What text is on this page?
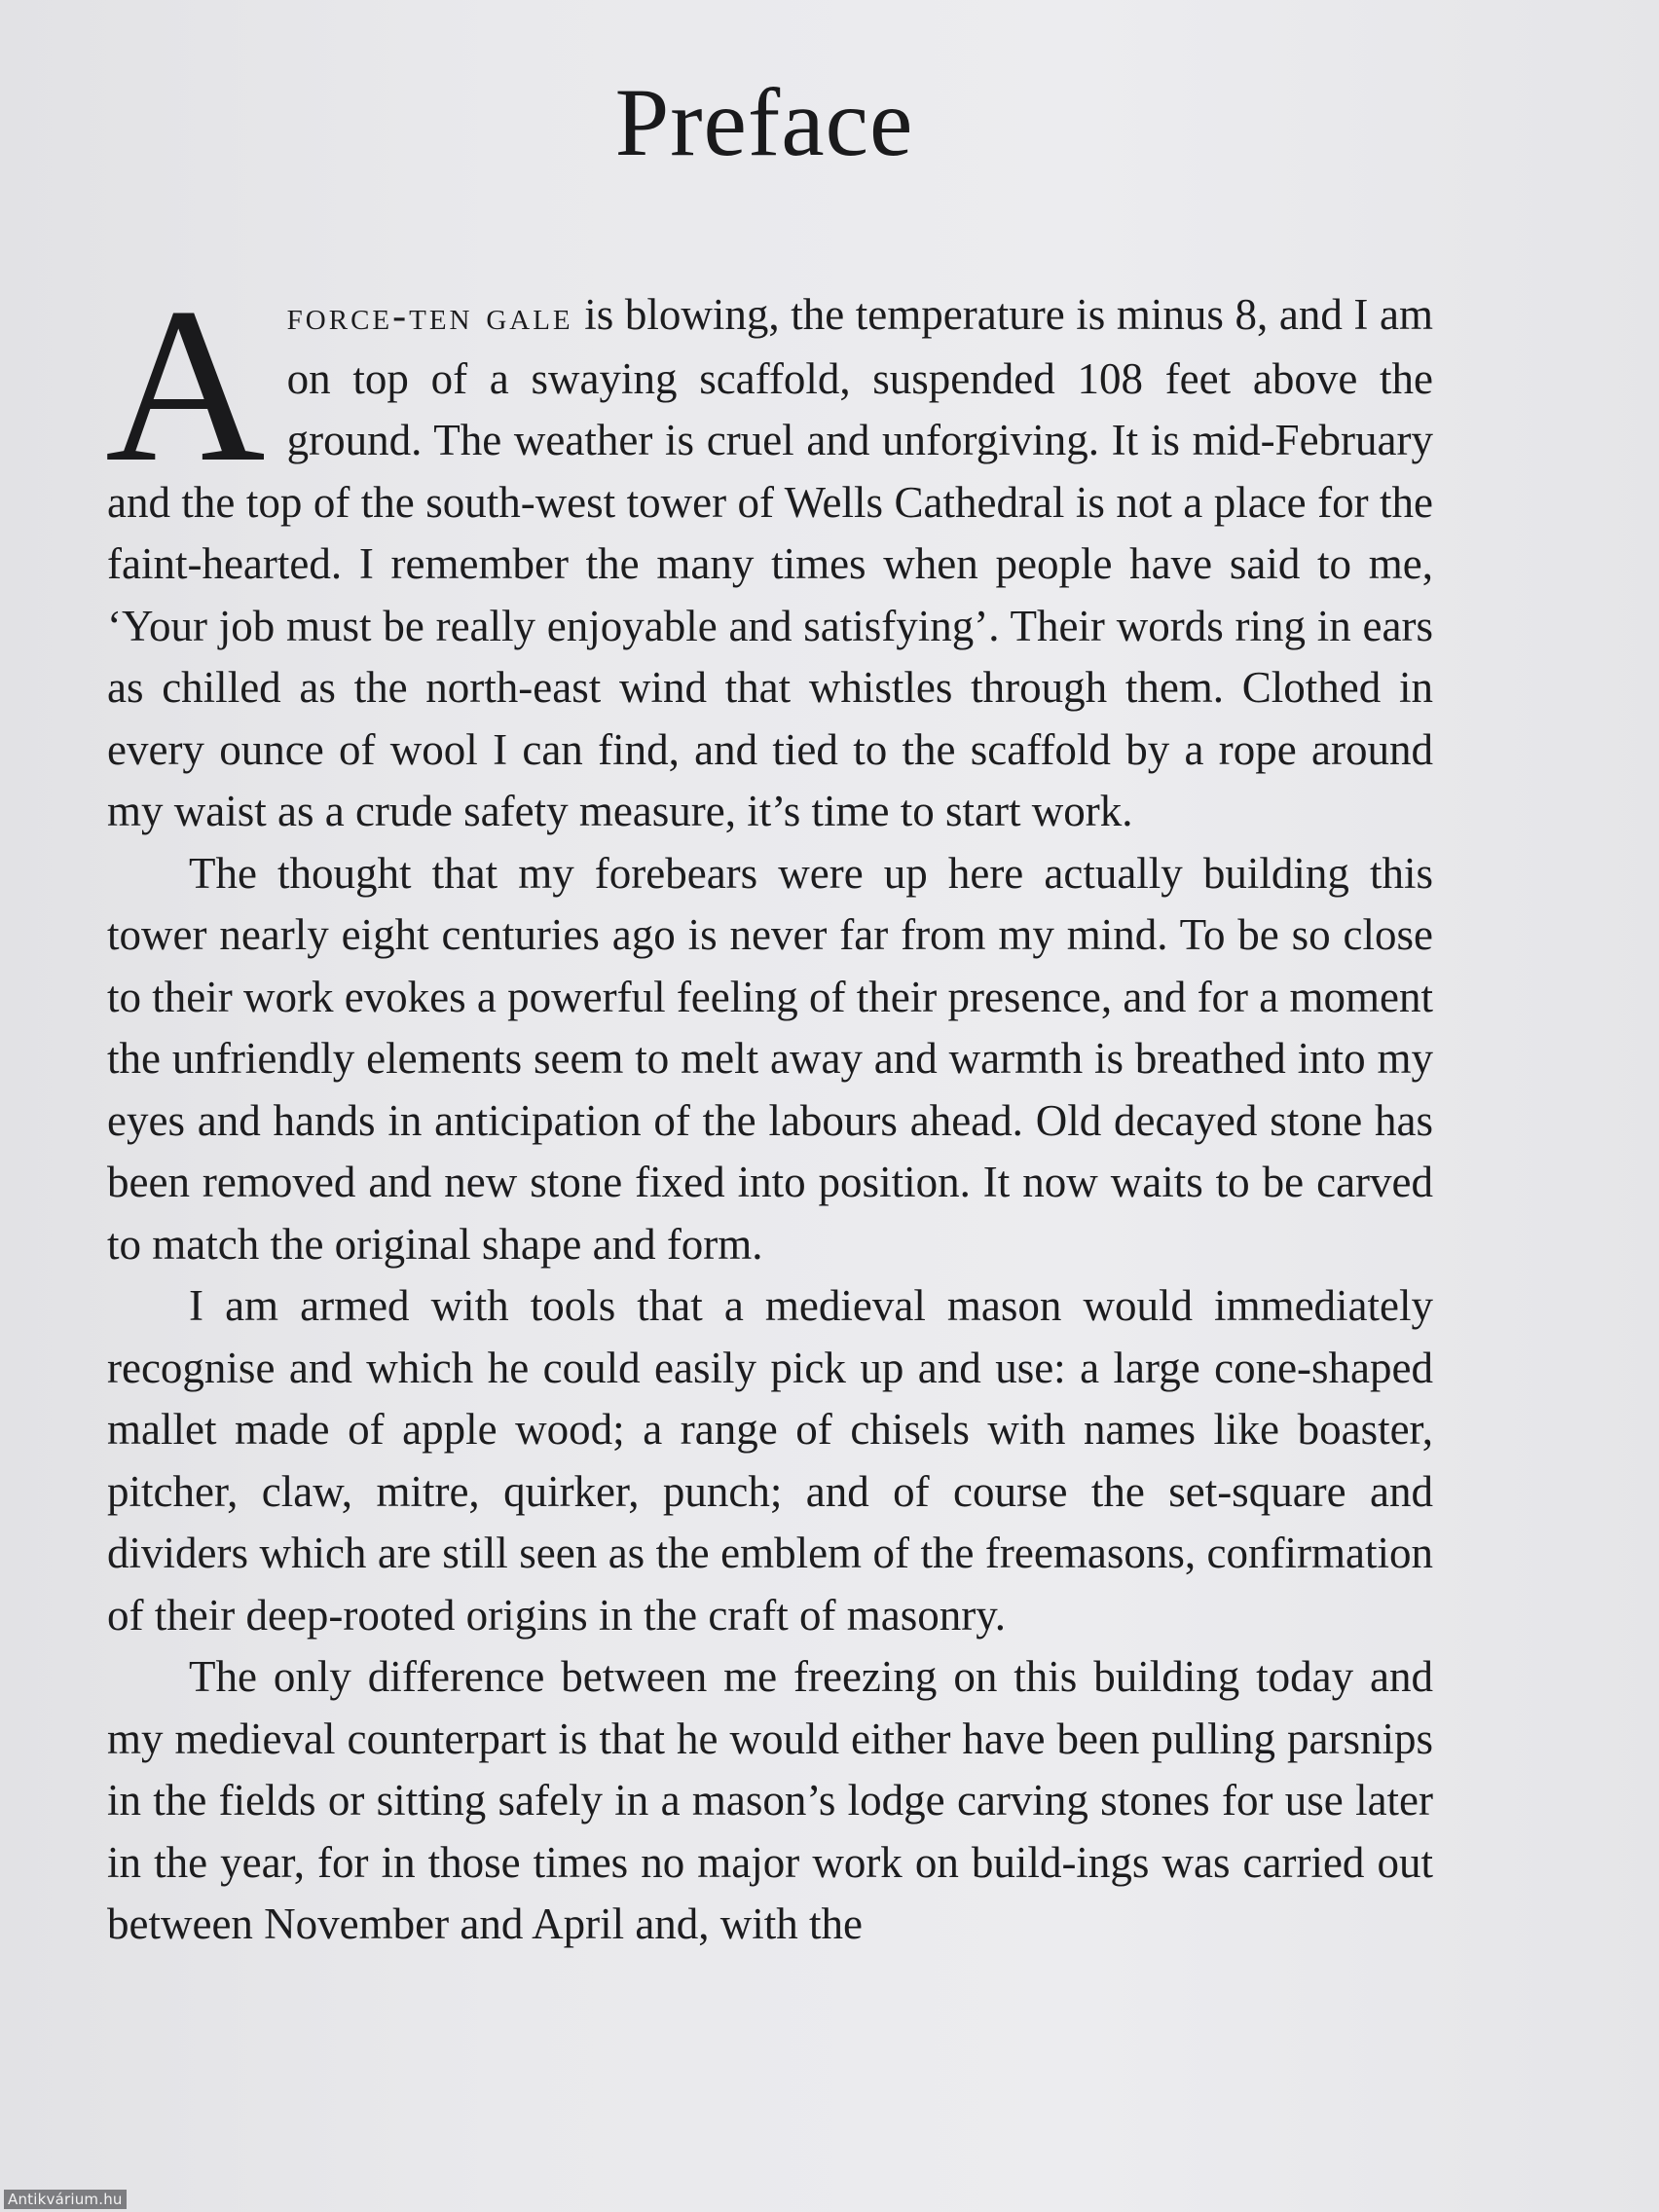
Preface

Aforce-ten gale is blowing, the temperature is minus 8, and I am on top of a swaying scaffold, suspended 108 feet above the ground. The weather is cruel and unforgiving. It is mid-February and the top of the south-west tower of Wells Cathedral is not a place for the faint-hearted. I remember the many times when people have said to me, ‘Your job must be really enjoyable and satisfying’. Their words ring in ears as chilled as the north-east wind that whistles through them. Clothed in every ounce of wool I can find, and tied to the scaffold by a rope around my waist as a crude safety measure, it’s time to start work.

The thought that my forebears were up here actually building this tower nearly eight centuries ago is never far from my mind. To be so close to their work evokes a powerful feeling of their presence, and for a moment the unfriendly elements seem to melt away and warmth is breathed into my eyes and hands in anticipation of the labours ahead. Old decayed stone has been removed and new stone fixed into position. It now waits to be carved to match the original shape and form.

I am armed with tools that a medieval mason would immediately recognise and which he could easily pick up and use: a large cone-shaped mallet made of apple wood; a range of chisels with names like boaster, pitcher, claw, mitre, quirker, punch; and of course the set-square and dividers which are still seen as the emblem of the freemasons, confirmation of their deep-rooted origins in the craft of masonry.

The only difference between me freezing on this building today and my medieval counterpart is that he would either have been pulling parsnips in the fields or sitting safely in a mason’s lodge carving stones for use later in the year, for in those times no major work on build-ings was carried out between November and April and, with the

Antikvárium.hu
